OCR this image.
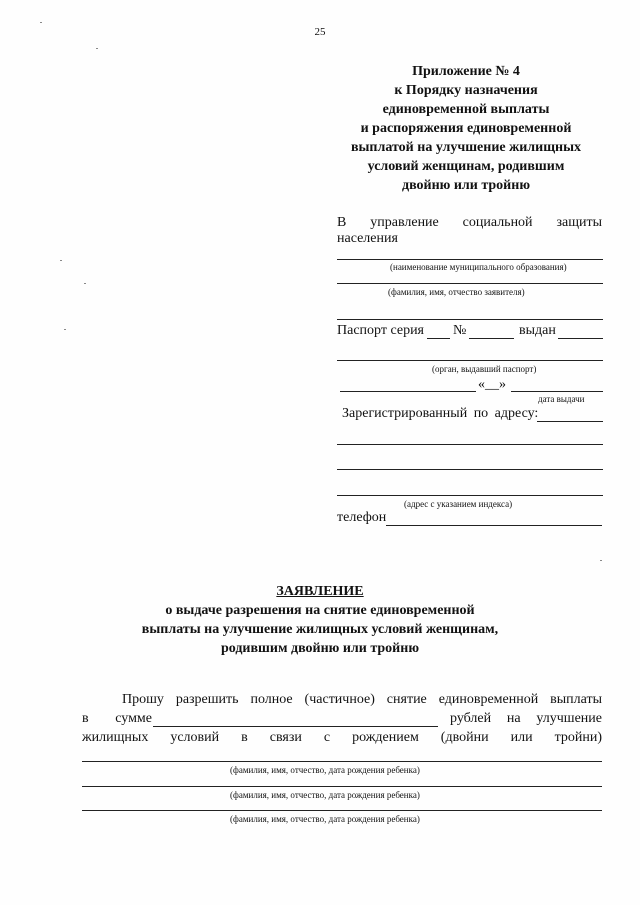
25
Приложение № 4
к Порядку назначения
единовременной выплаты
и распоряжения единовременной
выплатой на улучшение жилищных
условий женщинам, родившим
двойню или тройню
В управление социальной защиты
населения
(наименование муниципального образования)
(фамилия, имя, отчество заявителя)
Паспорт серия №	выдан
(орган, выдавший паспорт)
«__»
дата выдачи
Зарегистрированный по адресу:
(адрес с указанием индекса)
телефон
ЗАЯВЛЕНИЕ
о выдаче разрешения на снятие единовременной
выплаты на улучшение жилищных условий женщинам,
родившим двойню или тройню
Прошу разрешить полное (частичное) снятие единовременной выплаты
в сумме	рублей на улучшение
жилищных условий в связи с рождением (двойни или тройни)
(фамилия, имя, отчество, дата рождения ребенка)
(фамилия, имя, отчество, дата рождения ребенка)
(фамилия, имя, отчество, дата рождения ребенка)
